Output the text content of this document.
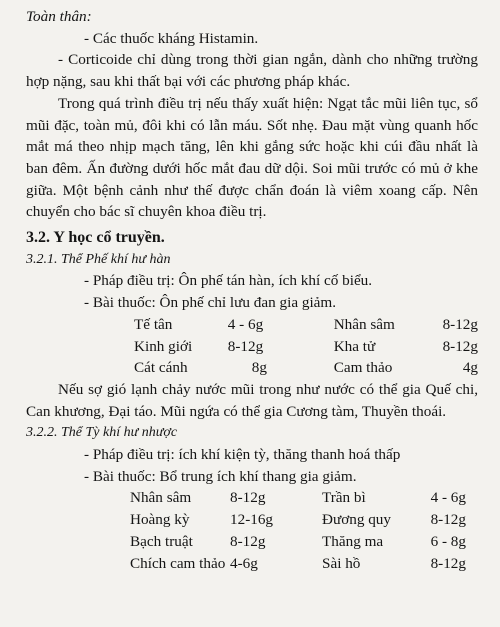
Toàn thân:

- Các thuốc kháng Histamin.

- Corticoide chỉ dùng trong thời gian ngắn, dành cho những trường hợp nặng, sau khi thất bại với các phương pháp khác.

Trong quá trình điều trị nếu thấy xuất hiện: Ngạt tắc mũi liên tục, sổ mũi đặc, toàn mủ, đôi khi có lẫn máu. Sốt nhẹ. Đau mặt vùng quanh hốc mắt má theo nhịp mạch tăng, lên khi gắng sức hoặc khi cúi đầu nhất là ban đêm. Ấn đường dưới hốc mắt đau dữ dội. Soi mũi trước có mủ ở khe giữa. Một bệnh cảnh như thế được chẩn đoán là viêm xoang cấp. Nên chuyển cho bác sĩ chuyên khoa điều trị.

3.2. Y học cổ truyền.

3.2.1. Thể Phế khí hư hàn

- Pháp điều trị: Ôn phế tán hàn, ích khí cố biểu.

- Bài thuốc: Ôn phế chỉ lưu đan gia giảm.

Tế tân	4 - 6g	Nhân sâm	8-12g
Kinh giới	8-12g	Kha tử	8-12g
Cát cánh	8g	Cam thảo	4g

Nếu sợ gió lạnh chảy nước mũi trong như nước có thể gia Quế chi, Can khương, Đại táo. Mũi ngứa có thể gia Cương tàm, Thuyền thoái.

3.2.2. Thể Tỳ khí hư nhược

- Pháp điều trị: ích khí kiện tỳ, thăng thanh hoá thấp

- Bài thuốc: Bổ trung ích khí thang gia giảm.

Nhân sâm	8-12g	Trần bì	4 - 6g
Hoàng kỳ	12-16g	Đương quy	8-12g
Bạch truật	8-12g	Thăng ma	6 - 8g
Chích cam thảo	4-6g	Sài hồ	8-12g
